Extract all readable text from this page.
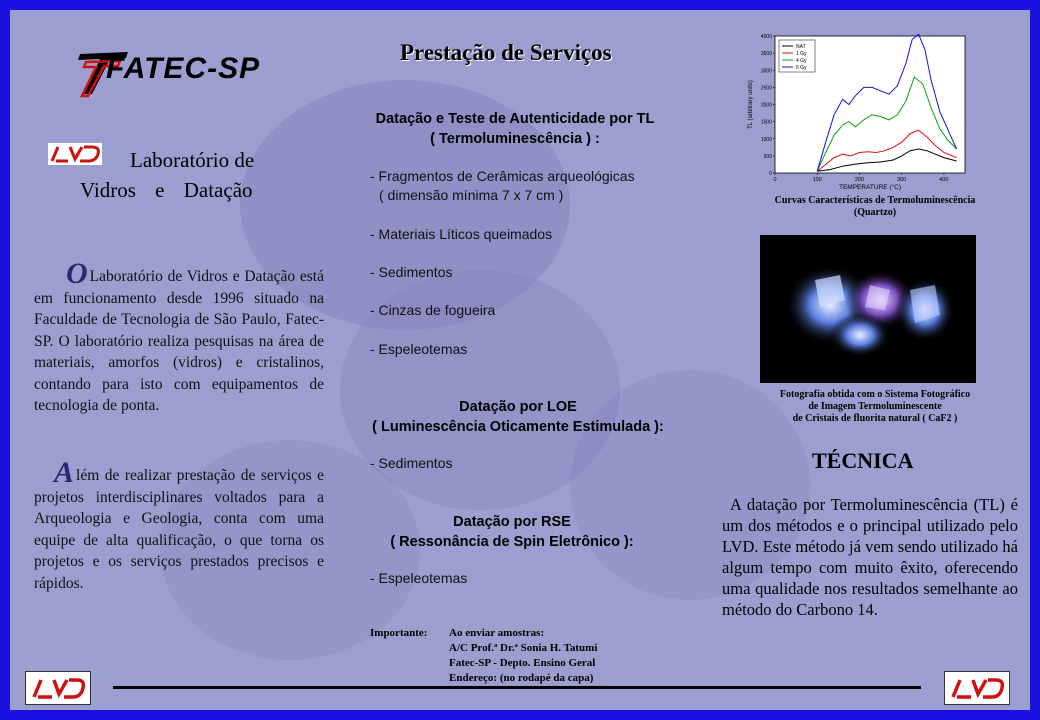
FATEC-SP
Laboratório de
Vidros e Datação
O Laboratório de Vidros e Datação está em funcionamento desde 1996 situado na Faculdade de Tecnologia de São Paulo, Fatec-SP. O laboratório realiza pesquisas na área de materiais, amorfos (vidros) e cristalinos, contando para isto com equipamentos de tecnologia de ponta.
Além de realizar prestação de serviços e projetos interdisciplinares voltados para a Arqueologia e Geologia, conta com uma equipe de alta qualificação, o que torna os projetos e os serviços prestados precisos e rápidos.
Prestação de Serviços
Datação e Teste de Autenticidade por TL
( Termoluminescência ) :
- Fragmentos de Cerâmicas arqueológicas
( dimensão mínima 7 x 7 cm )
- Materiais Líticos queimados
- Sedimentos
- Cinzas de fogueira
- Espeleotemas
Datação por LOE
( Luminescência Oticamente Estimulada ):
- Sedimentos
Datação por RSE
( Ressonância de Spin Eletrônico ):
- Espeleotemas
Importante: Ao enviar amostras:
A/C Prof.ª Dr.ª Sonia H. Tatumi
Fatec-SP - Depto. Ensino Geral
Endereço: (no rodapé da capa)
0
500
1000
1500
2000
2500
3000
3500
4000
0	100	200	300	400
TEMPERATURE (°C)
TL (arbitrary units)
NAT
1 Gy
4 Gy
5 Gy
Curvas Características de Termoluminescência
(Quartzo)
Fotografia obtida com o Sistema Fotográfico
de Imagem Termoluminescente
de Cristais de fluorita natural ( CaF2 )
TÉCNICA
A datação por Termoluminescência (TL) é um dos métodos e o principal utilizado pelo LVD. Este método já vem sendo utilizado há algum tempo com muito êxito, oferecendo uma qualidade nos resultados semelhante ao método do Carbono 14.
